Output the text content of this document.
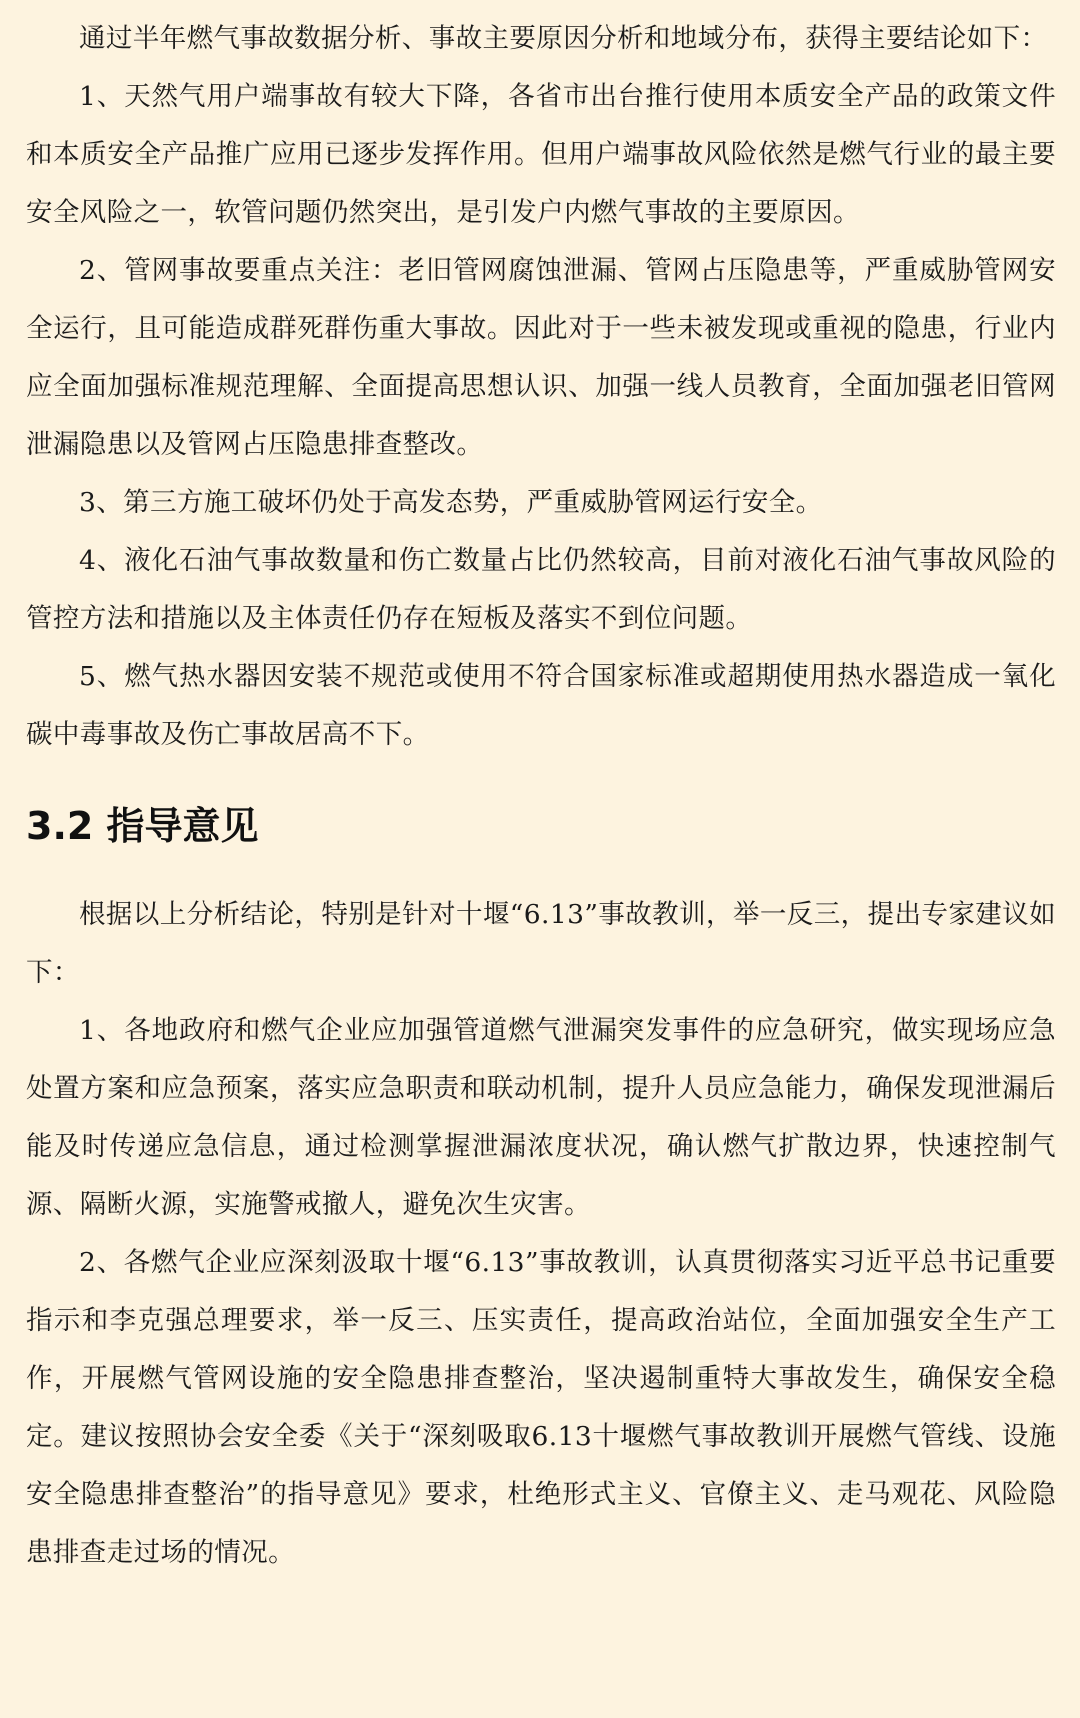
通过半年燃气事故数据分析、事故主要原因分析和地域分布，获得主要结论如下：

1、天然气用户端事故有较大下降，各省市出台推行使用本质安全产品的政策文件和本质安全产品推广应用已逐步发挥作用。但用户端事故风险依然是燃气行业的最主要安全风险之一，软管问题仍然突出，是引发户内燃气事故的主要原因。

2、管网事故要重点关注：老旧管网腐蚀泄漏、管网占压隐患等，严重威胁管网安全运行，且可能造成群死群伤重大事故。因此对于一些未被发现或重视的隐患，行业内应全面加强标准规范理解、全面提高思想认识、加强一线人员教育，全面加强老旧管网泄漏隐患以及管网占压隐患排查整改。

3、第三方施工破坏仍处于高发态势，严重威胁管网运行安全。

4、液化石油气事故数量和伤亡数量占比仍然较高，目前对液化石油气事故风险的管控方法和措施以及主体责任仍存在短板及落实不到位问题。

5、燃气热水器因安装不规范或使用不符合国家标准或超期使用热水器造成一氧化碳中毒事故及伤亡事故居高不下。

3.2 指导意见

根据以上分析结论，特别是针对十堰“6.13”事故教训，举一反三，提出专家建议如下：

1、各地政府和燃气企业应加强管道燃气泄漏突发事件的应急研究，做实现场应急处置方案和应急预案，落实应急职责和联动机制，提升人员应急能力，确保发现泄漏后能及时传递应急信息，通过检测掌握泄漏浓度状况，确认燃气扩散边界，快速控制气源、隔断火源，实施警戒撤人，避免次生灾害。

2、各燃气企业应深刻汲取十堰“6.13”事故教训，认真贯彻落实习近平总书记重要指示和李克强总理要求，举一反三、压实责任，提高政治站位，全面加强安全生产工作，开展燃气管网设施的安全隐患排查整治，坚决遏制重特大事故发生，确保安全稳定。建议按照协会安全委《关于“深刻吸取6.13十堰燃气事故教训开展燃气管线、设施安全隐患排查整治”的指导意见》要求，杜绝形式主义、官僚主义、走马观花、风险隐患排查走过场的情况。
